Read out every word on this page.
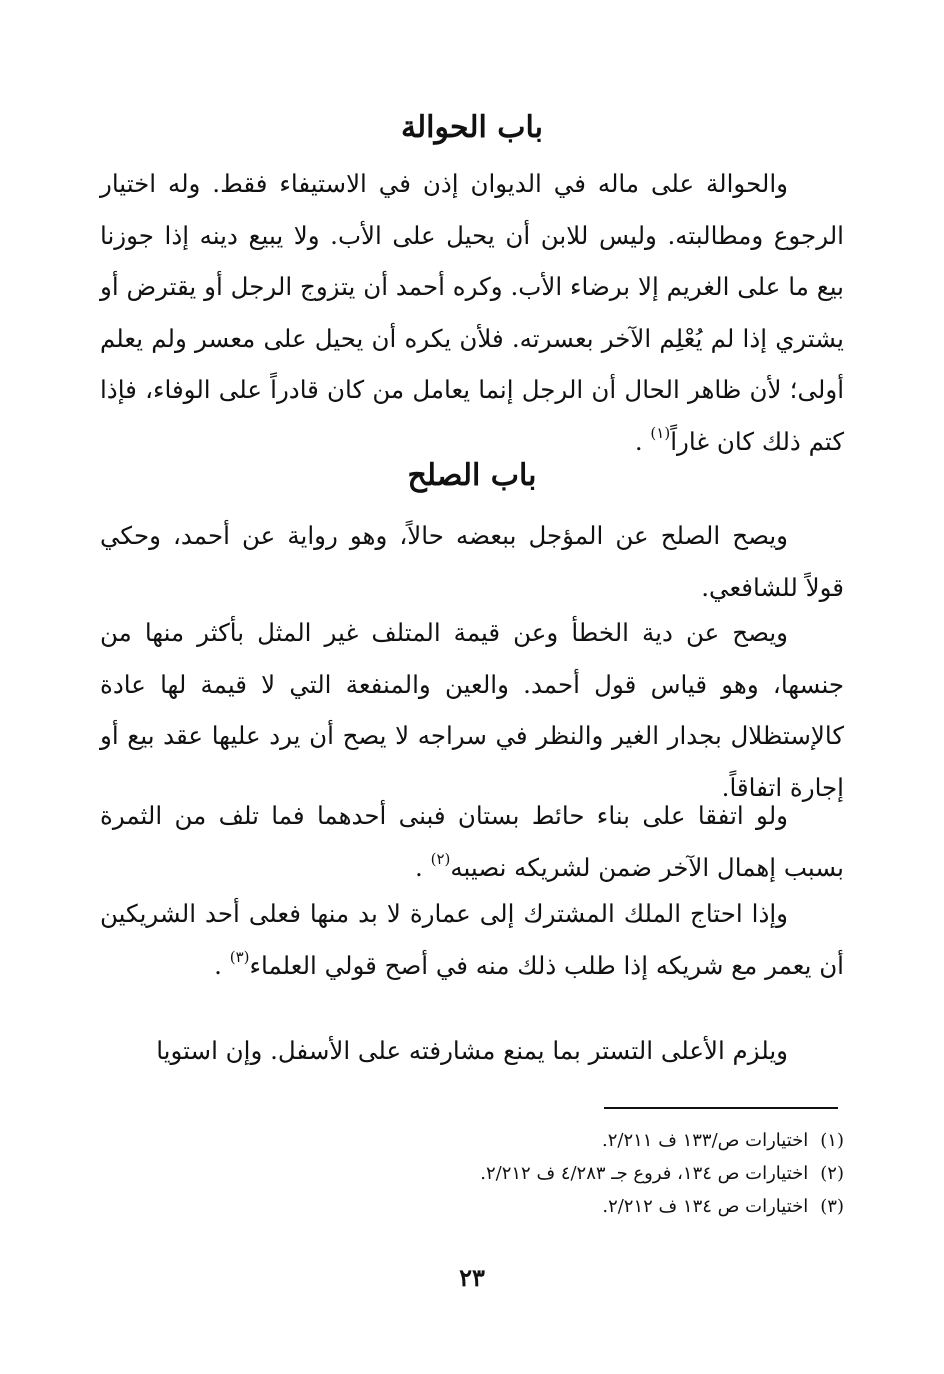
باب الحوالة

والحوالة على ماله في الديوان إذن في الاستيفاء فقط. وله اختيار الرجوع ومطالبته. وليس للابن أن يحيل على الأب. ولا يبيع دينه إذا جوزنا بيع ما على الغريم إلا برضاء الأب. وكره أحمد أن يتزوج الرجل أو يقترض أو يشتري إذا لم يُعْلِم الآخر بعسرته. فلأن يكره أن يحيل على معسر ولم يعلم أولى؛ لأن ظاهر الحال أن الرجل إنما يعامل من كان قادراً على الوفاء، فإذا كتم ذلك كان غاراً$^{(١)}$ .

باب الصلح

ويصح الصلح عن المؤجل ببعضه حالاً، وهو رواية عن أحمد، وحكي قولاً للشافعي.

ويصح عن دية الخطأ وعن قيمة المتلف غير المثل بأكثر منها من جنسها، وهو قياس قول أحمد. والعين والمنفعة التي لا قيمة لها عادة كالإستظلال بجدار الغير والنظر في سراجه لا يصح أن يرد عليها عقد بيع أو إجارة اتفاقاً.

ولو اتفقا على بناء حائط بستان فبنى أحدهما فما تلف من الثمرة بسبب إهمال الآخر ضمن لشريكه نصيبه$^{(٢)}$ .

وإذا احتاج الملك المشترك إلى عمارة لا بد منها فعلى أحد الشريكين أن يعمر مع شريكه إذا طلب ذلك منه في أصح قولي العلماء$^{(٣)}$ .

ويلزم الأعلى التستر بما يمنع مشارفته على الأسفل. وإن استويا

(١)اختيارات ص/١٣٣ ف ٢/٢١١.
(٢)اختيارات ص ١٣٤، فروع جـ ٤/٢٨٣ ف ٢/٢١٢.
(٣)اختيارات ص ١٣٤ ف ٢/٢١٢.
٢٣
